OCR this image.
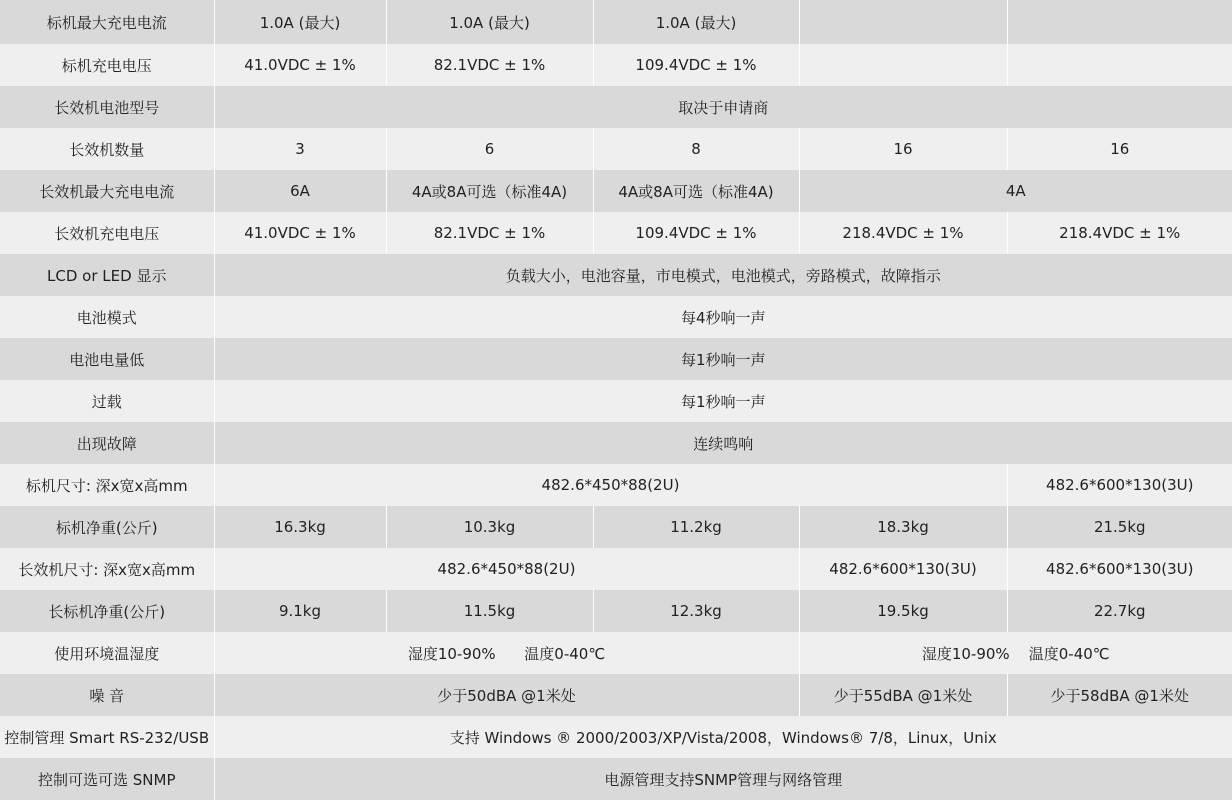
标机最大充电电流	1.0A (最大)	1.0A (最大)	1.0A (最大)		
标机充电电压	41.0VDC ± 1%	82.1VDC ± 1%	109.4VDC ± 1%		
长效机电池型号	取决于申请商				
长效机数量	3	6	8	16	16
长效机最大充电电流	6A	4A或8A可选（标准4A)	4A或8A可选（标准4A)	4A	
长效机充电电压	41.0VDC ± 1%	82.1VDC ± 1%	109.4VDC ± 1%	218.4VDC ± 1%	218.4VDC ± 1%
LCD or LED 显示	负载大小，电池容量，市电模式，电池模式，旁路模式，故障指示				
电池模式	每4秒响一声				
电池电量低	每1秒响一声				
过载	每1秒响一声				
出现故障	连续鸣响				
标机尺寸: 深x宽x高mm	482.6*450*88(2U)				482.6*600*130(3U)
标机净重(公斤)	16.3kg	10.3kg	11.2kg	18.3kg	21.5kg
长效机尺寸: 深x宽x高mm	482.6*450*88(2U)			482.6*600*130(3U)	482.6*600*130(3U)
长标机净重(公斤)	9.1kg	11.5kg	12.3kg	19.5kg	22.7kg
使用环境温湿度	湿度10-90%      温度0-40℃			湿度10-90%    温度0-40℃	
噪 音	少于50dBA @1米处			少于55dBA @1米处	少于58dBA @1米处
控制管理 Smart RS-232/USB	支持 Windows ® 2000/2003/XP/Vista/2008，Windows® 7/8，Linux，Unix				
控制可选可选 SNMP	电源管理支持SNMP管理与网络管理				
